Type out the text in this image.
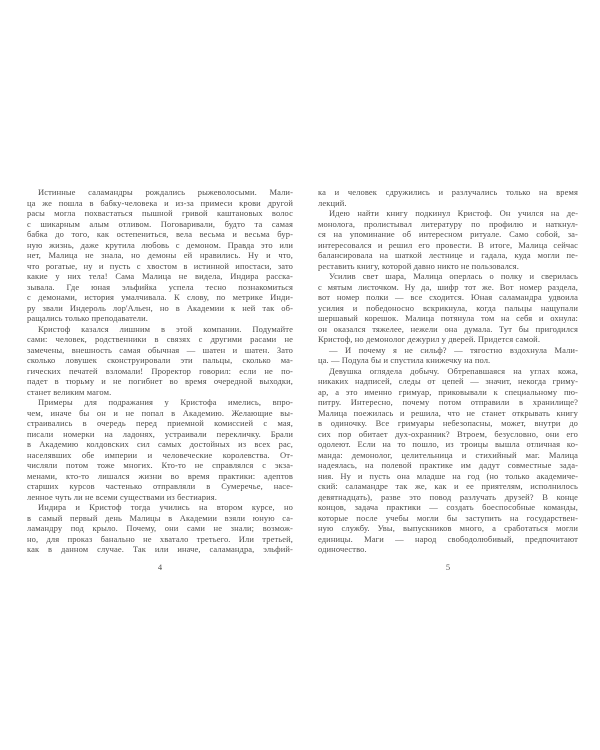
Истинные саламандры рождались рыжеволосыми. Мали-
ца же пошла в бабку-человека и из-за примеси крови другой
расы могла похвастаться пышной гривой каштановых волос
с шикарным алым отливом. Поговаривали, будто та самая
бабка до того, как остепениться, вела весьма и весьма бур-
ную жизнь, даже крутила любовь с демоном. Правда это или
нет, Малица не знала, но демоны ей нравились. Ну и что,
что рогатые, ну и пусть с хвостом в истинной ипостаси, зато
какие у них тела! Сама Малица не видела, Индира расска-
зывала. Где юная эльфийка успела тесно познакомиться
с демонами, история умалчивала. К слову, по метрике Инди-
ру звали Индероль лор'Альен, но в Академии к ней так об-
ращались только преподаватели.
Кристоф казался лишним в этой компании. Подумайте
сами: человек, родственники в связях с другими расами не
замечены, внешность самая обычная — шатен и шатен. Зато
сколько ловушек сконструировали эти пальцы, сколько ма-
гических печатей взломали! Проректор говорил: если не по-
падет в тюрьму и не погибнет во время очередной выходки,
станет великим магом.
Примеры для подражания у Кристофа имелись, впро-
чем, иначе бы он и не попал в Академию. Желающие вы-
страивались в очередь перед приемной комиссией с мая,
писали номерки на ладонях, устраивали перекличку. Брали
в Академию колдовских сил самых достойных из всех рас,
населявших обе империи и человеческие королевства. От-
числяли потом тоже многих. Кто-то не справлялся с экза-
менами, кто-то лишался жизни во время практики: адептов
старших курсов частенько отправляли в Сумеречье, насе-
ленное чуть ли не всеми существами из бестиария.
Индира и Кристоф тогда учились на втором курсе, но
в самый первый день Малицы в Академии взяли юную са-
ламандру под крыло. Почему, они сами не знали; возмож-
но, для проказ банально не хватало третьего. Или третьей,
как в данном случае. Так или иначе, саламандра, эльфий-
4
ка и человек сдружились и разлучались только на время
лекций.
Идею найти книгу подкинул Кристоф. Он учился на де-
монолога, пролистывал литературу по профилю и наткнул-
ся на упоминание об интересном ритуале. Само собой, за-
интересовался и решил его провести. В итоге, Малица сейчас
балансировала на шаткой лестнице и гадала, куда могли пе-
реставить книгу, которой давно никто не пользовался.
Усилив свет шара, Малица оперлась о полку и сверилась
с мятым листочком. Ну да, шифр тот же. Вот номер раздела,
вот номер полки — все сходится. Юная саламандра удвоила
усилия и победоносно вскрикнула, когда пальцы нащупали
шершавый корешок. Малица потянула том на себя и охнула:
он оказался тяжелее, нежели она думала. Тут бы пригодился
Кристоф, но демонолог дежурил у дверей. Придется самой.
— И почему я не сильф? — тягостно вздохнула Мали-
ца. — Подула бы и спустила книжечку на пол.
Девушка оглядела добычу. Обтрепавшаяся на углах кожа,
никаких надписей, следы от цепей — значит, некогда гриму-
ар, а это именно гримуар, приковывали к специальному пю-
питру. Интересно, почему потом отправили в хранилище?
Малица поежилась и решила, что не станет открывать книгу
в одиночку. Все гримуары небезопасны, может, внутри до
сих пор обитает дух-охранник? Втроем, безусловно, они его
одолеют. Если на то пошло, из троицы вышла отличная ко-
манда: демонолог, целительница и стихийный маг. Малица
надеялась, на полевой практике им дадут совместные зада-
ния. Ну и пусть она младше на год (но только академиче-
ский: саламандре так же, как и ее приятелям, исполнилось
девятнадцать), разве это повод разлучать друзей? В конце
концов, задача практики — создать боеспособные команды,
которые после учебы могли бы заступить на государствен-
ную службу. Увы, выпускников много, а сработаться могли
единицы. Маги — народ свободолюбивый, предпочитают
одиночество.
5
